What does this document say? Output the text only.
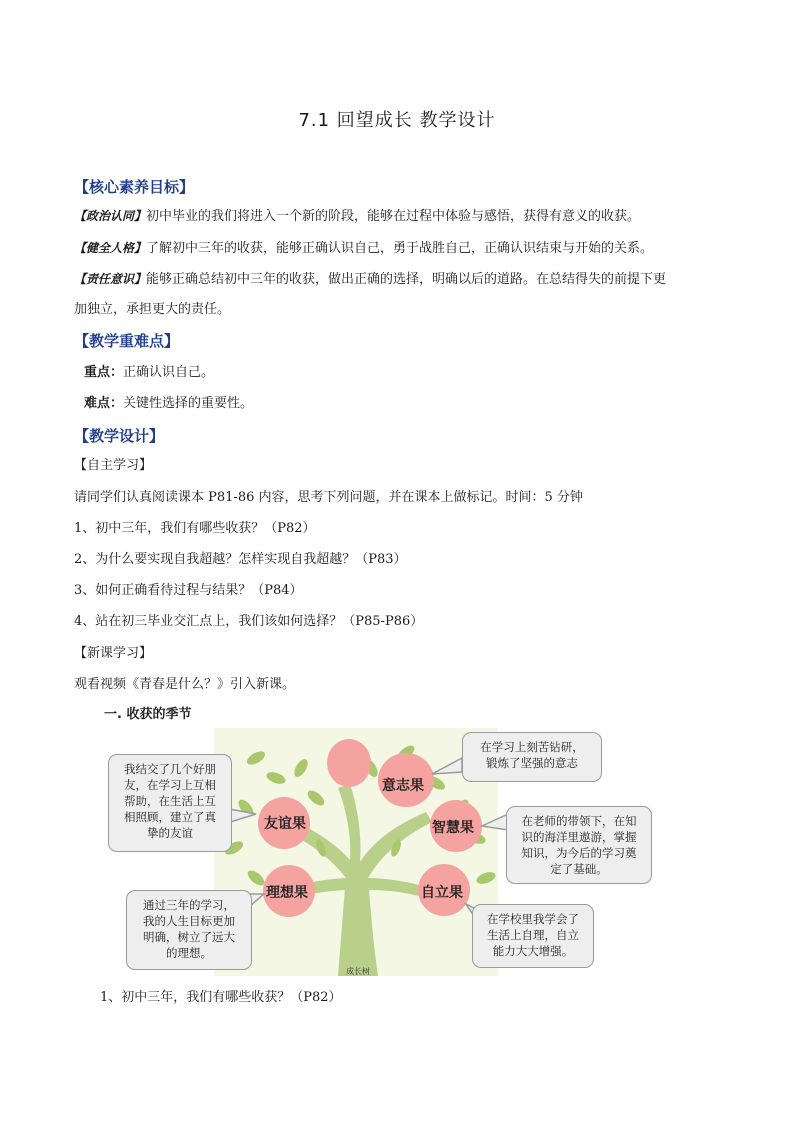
7.1 回望成长 教学设计
【核心素养目标】
【政治认同】初中毕业的我们将进入一个新的阶段，能够在过程中体验与感悟，获得有意义的收获。
【健全人格】了解初中三年的收获，能够正确认识自己，勇于战胜自己，正确认识结束与开始的关系。
【责任意识】能够正确总结初中三年的收获，做出正确的选择，明确以后的道路。在总结得失的前提下更
加独立，承担更大的责任。
【教学重难点】
重点：正确认识自己。
难点：关键性选择的重要性。
【教学设计】
【自主学习】
请同学们认真阅读课本 P81-86 内容，思考下列问题，并在课本上做标记。时间：5 分钟
1、初中三年，我们有哪些收获？（P82）
2、为什么要实现自我超越？怎样实现自我超越？（P83）
3、如何正确看待过程与结果？（P84）
4、站在初三毕业交汇点上，我们该如何选择？（P85-P86）
【新课学习】
观看视频《青春是什么？》引入新课。
一. 收获的季节
友谊果
意志果
智慧果
理想果	自立果
我结交了几个好朋
友，在学习上互相
帮助，在生活上互
相照顾，建立了真
挚的友谊
在学习上刻苦钻研，
锻炼了坚强的意志
在老师的带领下，在知
识的海洋里遨游，掌握
知识，为今后的学习奠
定了基础。
通过三年的学习，
我的人生目标更加
明确，树立了远大
的理想。
在学校里我学会了
生活上自理，自立
能力大大增强。
成长树
1、初中三年，我们有哪些收获？（P82）
